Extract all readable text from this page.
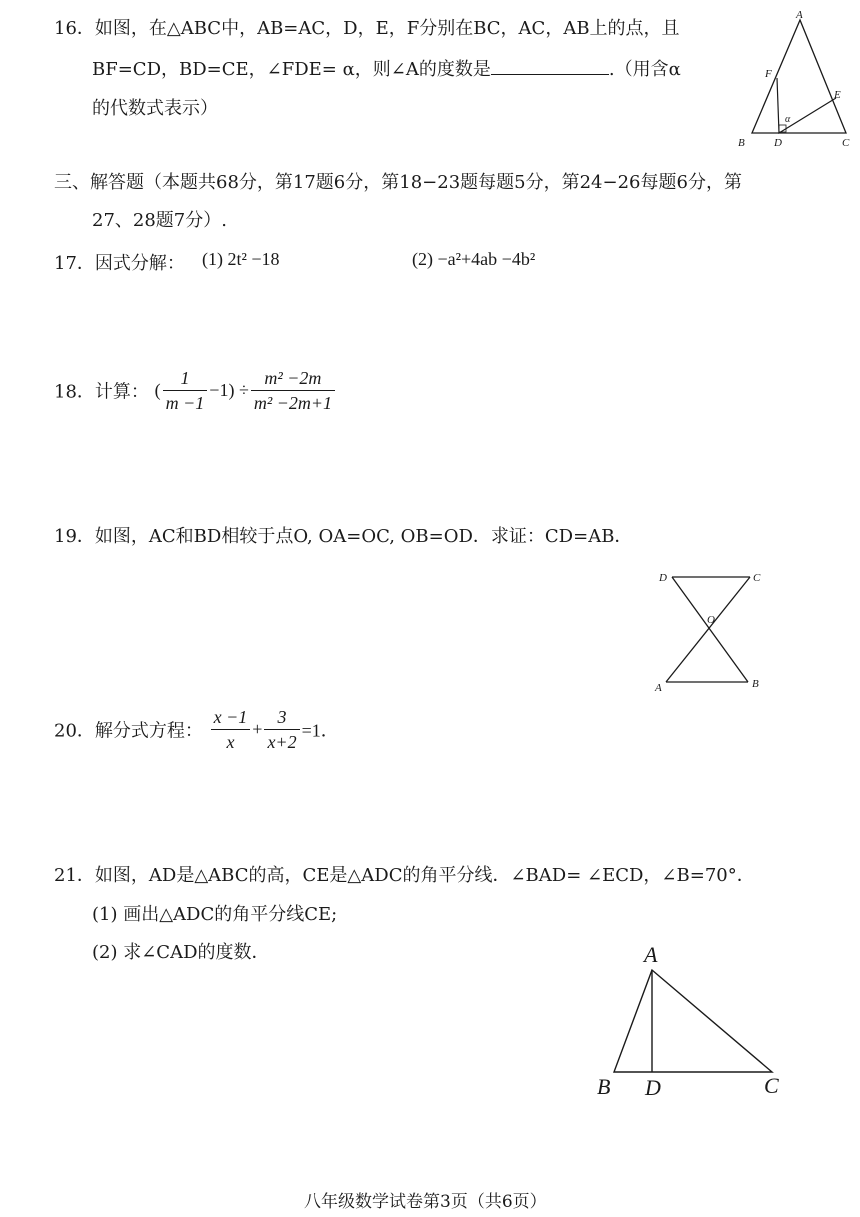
16．如图，在△ABC中，AB=AC，D，E，F分别在BC，AC，AB上的点，且
BF=CD，BD=CE，∠FDE= α，则∠A的度数是	.（用含α
的代数式表示）
A
B	C
D
E
F
α
三、解答题（本题共68分，第17题6分，第18−23题每题5分，第24−26每题6分，第
27、28题7分）.
17．因式分解： (1) 2t² −18	(2) −a²+4ab −4b²
18．计算： ( $\frac{1}{m -1} -1) \div \frac{\text{m² −2m}}{\text{m² −2m+1}}$
19．如图，AC和BD相较于点O, OA=OC, OB=OD．求证：CD=AB．
D	C
O
A	B
20．解分式方程： $\frac{x -1}{x} + \frac{3}{x+2} =1$．
21．如图，AD是△ABC的高，CE是△ADC的角平分线．∠BAD= ∠ECD，∠B=70°．
(1) 画出△ADC的角平分线CE;
(2) 求∠CAD的度数．	A
B D	C
八年级数学试卷第3页（共6页）
